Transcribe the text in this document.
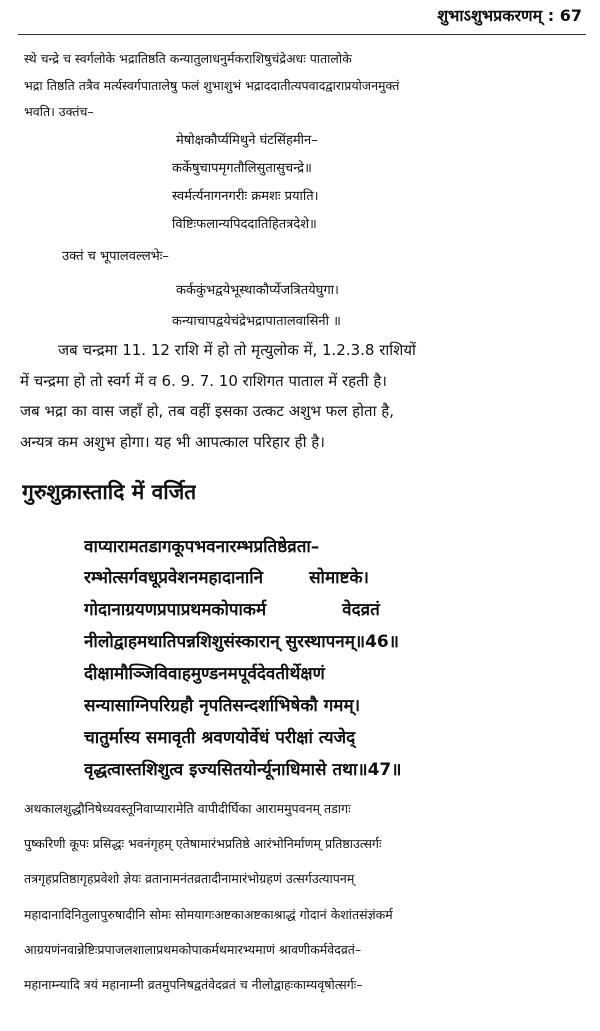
शुभाऽशुभप्रकरणम् : 67
स्थे चन्द्रे च स्वर्गलोके भद्रातिष्ठति कन्यातुलाधनुर्मकराशिषुचंद्रेअधः पातालोके
भद्रा तिष्ठति तत्रैव मर्त्यस्वर्गपातालेषु फलं शुभाशुभं भद्राददातीत्यपवादद्वाराप्रयोजनमुक्तं
भवति। उक्तंच–
मेषोक्षकौर्प्यमिथुने घंटसिंहमीन–
कर्केषुचापमृगतौलिसुतासुचन्द्रे॥
स्वर्मर्त्यनागनगरीः क्रमशः प्रयाति।
विष्टिःफलान्यपिददातिहितत्रदेशे॥
उक्तं च भूपालवल्लभेः–
कर्ककुंभद्वयेभूस्थाकौर्प्येजत्रितयेघुगा।
कन्याचापद्वयेचंद्रेभद्रापातालवासिनी ॥
जब चन्द्रमा 11. 12 राशि में हो तो मृत्युलोक में, 1.2.3.8 राशियों
में चन्द्रमा हो तो स्वर्ग में व 6. 9. 7. 10 राशिगत पाताल में रहती है।
जब भद्रा का वास जहाँ हो, तब वहीं इसका उत्कट अशुभ फल होता है,
अन्यत्र कम अशुभ होगा। यह भी आपत्काल परिहार ही है।
गुरुशुक्रास्तादि में वर्जित
वाप्यारामतडागकूपभवनारम्भप्रतिष्ठेव्रता–
रम्भोत्सर्गवधूप्रवेशनमहादानानि	सोमाष्टके।
गोदानाग्रयणप्रपाप्रथमकोपाकर्म	वेदव्रतं
नीलोद्वाहमथातिपन्नशिशुसंस्कारान् सुरस्थापनम्॥46॥
दीक्षामौञ्जिविवाहमुण्डनमपूर्वदेवतीर्थेक्षणं
सन्यासाग्निपरिग्रहौ नृपतिसन्दर्शाभिषेकौ गमम्।
चातुर्मास्य समावृती श्रवणयोर्वेधं परीक्षां त्यजेद्
वृद्धत्वास्तशिशुत्व इज्यसितयोर्न्यूनाधिमासे तथा॥47॥
अथकालशुद्धौनिषेध्यवस्तूनिवाप्यारामेति वापीदीर्घिका आराममुपवनम् तडागः
पुष्करिणी कूपः प्रसिद्धः भवनंगृहम् एतेषामारंभप्रतिष्ठे आरंभोनिर्माणम् प्रतिष्ठाउत्सर्गः
तत्रगृहप्रतिष्ठागृहप्रवेशो ज्ञेयः व्रतानामनंतव्रतादीनामारंभोग्रहणं उत्सर्गउत्यापनम्
महादानादिनितुलापुरुषादीनि सोमः सोमयागःअष्टकाअष्टकाश्राद्धं गोदानं केशांतसंज्ञंकर्म
आग्रयणंनवान्नेष्टिःप्रपाजलशालाप्रथमकोपाकर्मथमारभ्यमाणं श्रावणीकर्मवेदव्रतं–
महानाम्न्यादि त्रयं महानाम्नी व्रतमुपनिषद्वतंवेदव्रतं च नीलोद्वाहःकाम्यवृषोत्सर्गः–
